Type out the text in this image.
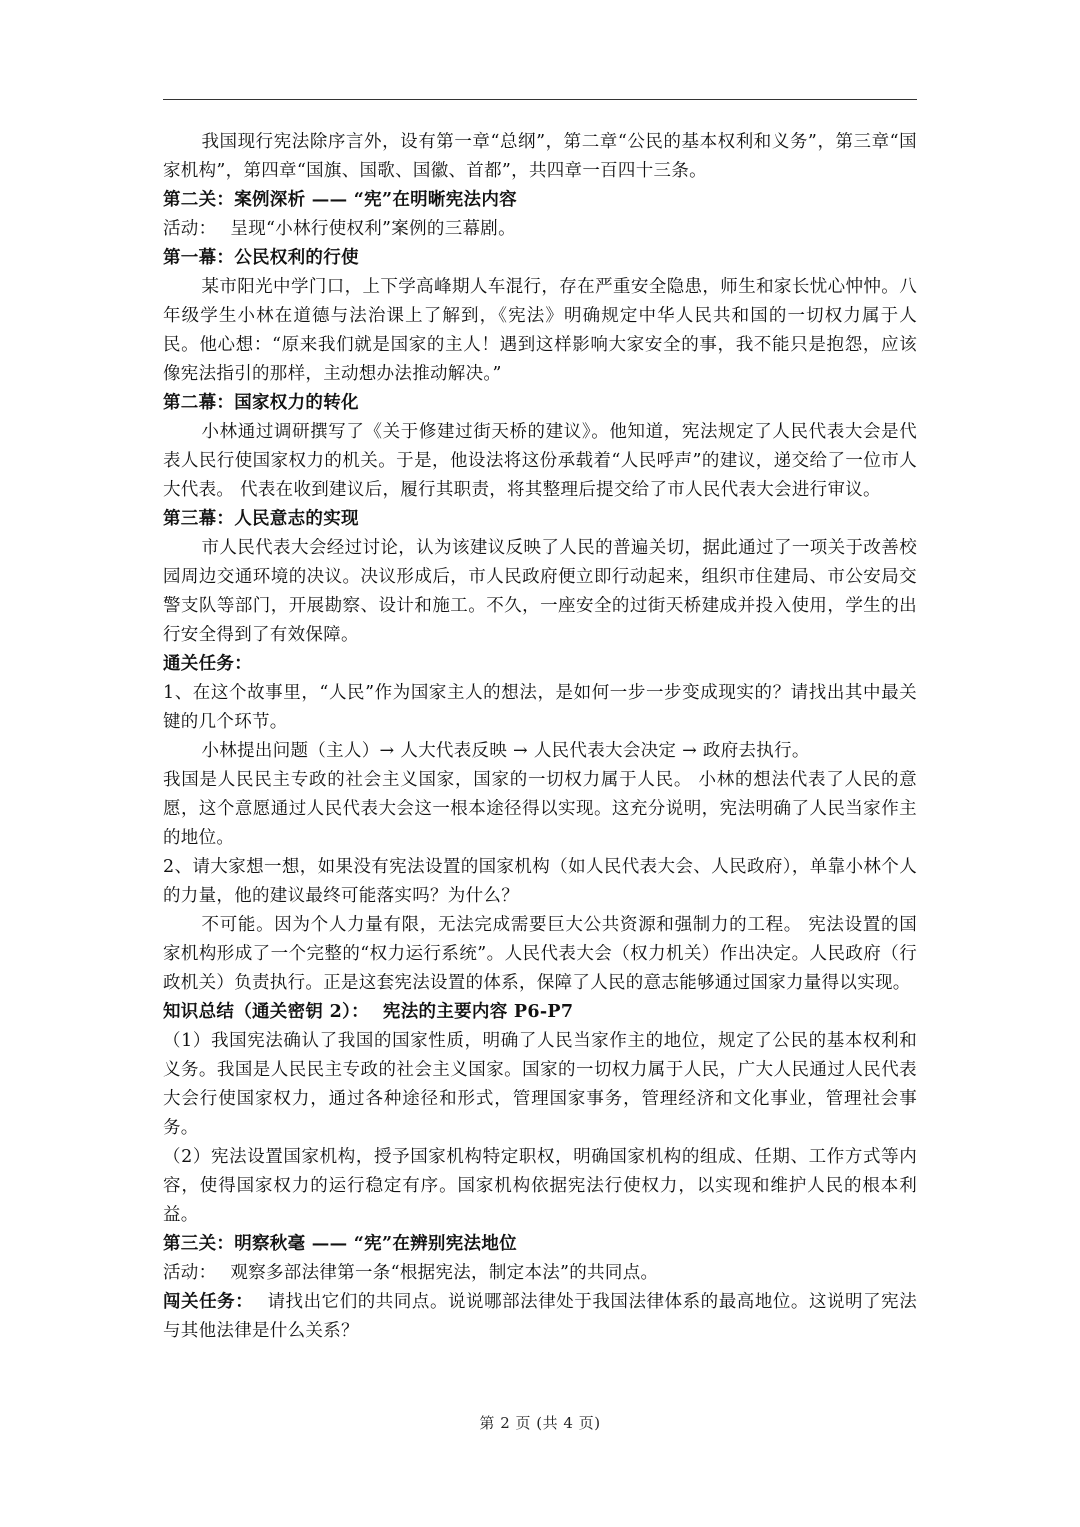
我国现行宪法除序言外，设有第一章“总纲”，第二章“公民的基本权利和义务”，第三章“国家机构”，第四章“国旗、国歌、国徽、首都”，共四章一百四十三条。

第二关：案例深析 —— “宪”在明晰宪法内容

活动： 呈现“小林行使权利”案例的三幕剧。

第一幕：公民权利的行使

某市阳光中学门口，上下学高峰期人车混行，存在严重安全隐患，师生和家长忧心忡忡。八年级学生小林在道德与法治课上了解到，《宪法》明确规定中华人民共和国的一切权力属于人民。他心想：“原来我们就是国家的主人！遇到这样影响大家安全的事，我不能只是抱怨，应该像宪法指引的那样，主动想办法推动解决。”

第二幕：国家权力的转化

小林通过调研撰写了《关于修建过街天桥的建议》。他知道，宪法规定了人民代表大会是代表人民行使国家权力的机关。于是，他设法将这份承载着“人民呼声”的建议，递交给了一位市人大代表。 代表在收到建议后，履行其职责，将其整理后提交给了市人民代表大会进行审议。

第三幕：人民意志的实现

市人民代表大会经过讨论，认为该建议反映了人民的普遍关切，据此通过了一项关于改善校园周边交通环境的决议。决议形成后，市人民政府便立即行动起来，组织市住建局、市公安局交警支队等部门，开展勘察、设计和施工。不久，一座安全的过街天桥建成并投入使用，学生的出行安全得到了有效保障。

通关任务：

1、在这个故事里，“人民”作为国家主人的想法，是如何一步一步变成现实的？请找出其中最关键的几个环节。

小林提出问题（主人）→ 人大代表反映 → 人民代表大会决定 → 政府去执行。

我国是人民民主专政的社会主义国家，国家的一切权力属于人民。 小林的想法代表了人民的意愿，这个意愿通过人民代表大会这一根本途径得以实现。这充分说明，宪法明确了人民当家作主的地位。

2、请大家想一想，如果没有宪法设置的国家机构（如人民代表大会、人民政府），单靠小林个人的力量，他的建议最终可能落实吗？为什么？

不可能。因为个人力量有限，无法完成需要巨大公共资源和强制力的工程。 宪法设置的国家机构形成了一个完整的“权力运行系统”。人民代表大会（权力机关）作出决定。人民政府（行政机关）负责执行。正是这套宪法设置的体系，保障了人民的意志能够通过国家力量得以实现。

知识总结（通关密钥 2）： 宪法的主要内容 P6-P7

（1）我国宪法确认了我国的国家性质，明确了人民当家作主的地位，规定了公民的基本权利和义务。我国是人民民主专政的社会主义国家。国家的一切权力属于人民，广大人民通过人民代表大会行使国家权力，通过各种途径和形式，管理国家事务，管理经济和文化事业，管理社会事务。

（2）宪法设置国家机构，授予国家机构特定职权，明确国家机构的组成、任期、工作方式等内容，使得国家权力的运行稳定有序。国家机构依据宪法行使权力，以实现和维护人民的根本利益。

第三关：明察秋毫 —— “宪”在辨别宪法地位

活动： 观察多部法律第一条“根据宪法，制定本法”的共同点。

闯关任务： 请找出它们的共同点。说说哪部法律处于我国法律体系的最高地位。这说明了宪法与其他法律是什么关系？

第 2 页 (共 4 页)
